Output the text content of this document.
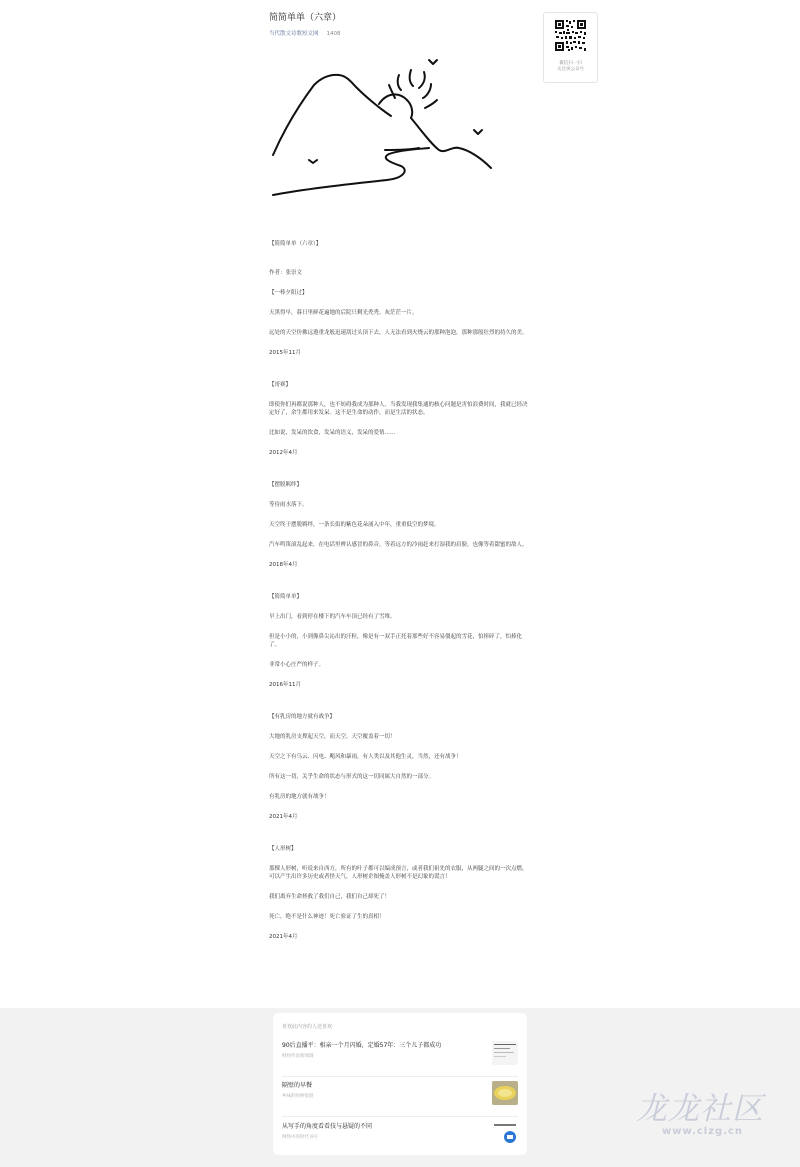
简简单单（六章）
当代散文诗歌短文网 1408

【简简单单（六章）】

作者：张崇文

【一棒夕阳过】

天黑得早，暮日里鲜花遍地的后院只剩光秃秃、灰茫茫一片。

远处的天空仿佛远遨重龙般迅速刮过头顶下去，人无法看到火烧云的那种泡泡，那种那般壮烈的持久的美。

2015年11月

【哥赛】

即使你们再都说那种人，也不妨碍我成为那种人。当我发现我集通的核心问题是害怕浪费时间，我就已经决定好了，余生都用来发呆。这不是生命的动作，而是生活的状态。

比如说，发呆的饮食，发呆的语义，发呆的爱情……

2012年4月

【摆脱羁绊】

等待雨水落下。

天空终于摆脱羁绊，一条长街的紫色花朵涌入中年，重重低空的梦境。

汽车鸣笛滚乱起来。在电话里辨认感冒的鼻音，等着远方的冷雨赶来打湿我的肩膀，也像等着甜蜜的敌人。

2018年4月

【简简单单】

早上出门，看到停在楼下的汽车车顶已经有了雪堆。

但是小小的，小到像鼻尖沁出的汗粒，像是有一双手正托着那些好不容易僵起的雪花，怕摔碎了，怕捧化了。

非常小心庄严的样子。

2016年11月

【有乳房的地方就有战争】

大地的乳房支撑起天空，而天空，天空覆盖着一切！

天空之下有乌云、闪电、飓风和暴雨，有人类以及其他生灵，当然，还有战争！

所有这一切，关乎生命的状态与形式的这一切同属大自然的一部分。

有乳房的地方就有战争！

2021年4月

【人形树】

那棵人形树，听说来自西方，所有的叶子都可以编成预言，或者我们祖先的衣服，从两腿之间的一次点燃，可以产生出许多历史或者怪天气，人形树企图掩盖人形树不是幻象的谎言！

我们离弃生命拯救了我们自己，我们自己却死了！

死亡，绝不是什么神迹！死亡验证了生的真相！

2021年4月

微信扫一扫
关注该公众号
喜欢此内容的人还喜欢
90后直播平：相亲一个月闪婚，定婚57年：三个儿子都成功
财经传说新闻调
隔壁的早餐
乡味的时候很晨
从写手的角度看看技与悬疑的不同
网络中的时代书号
龙龙社区
www.clzg.cn
